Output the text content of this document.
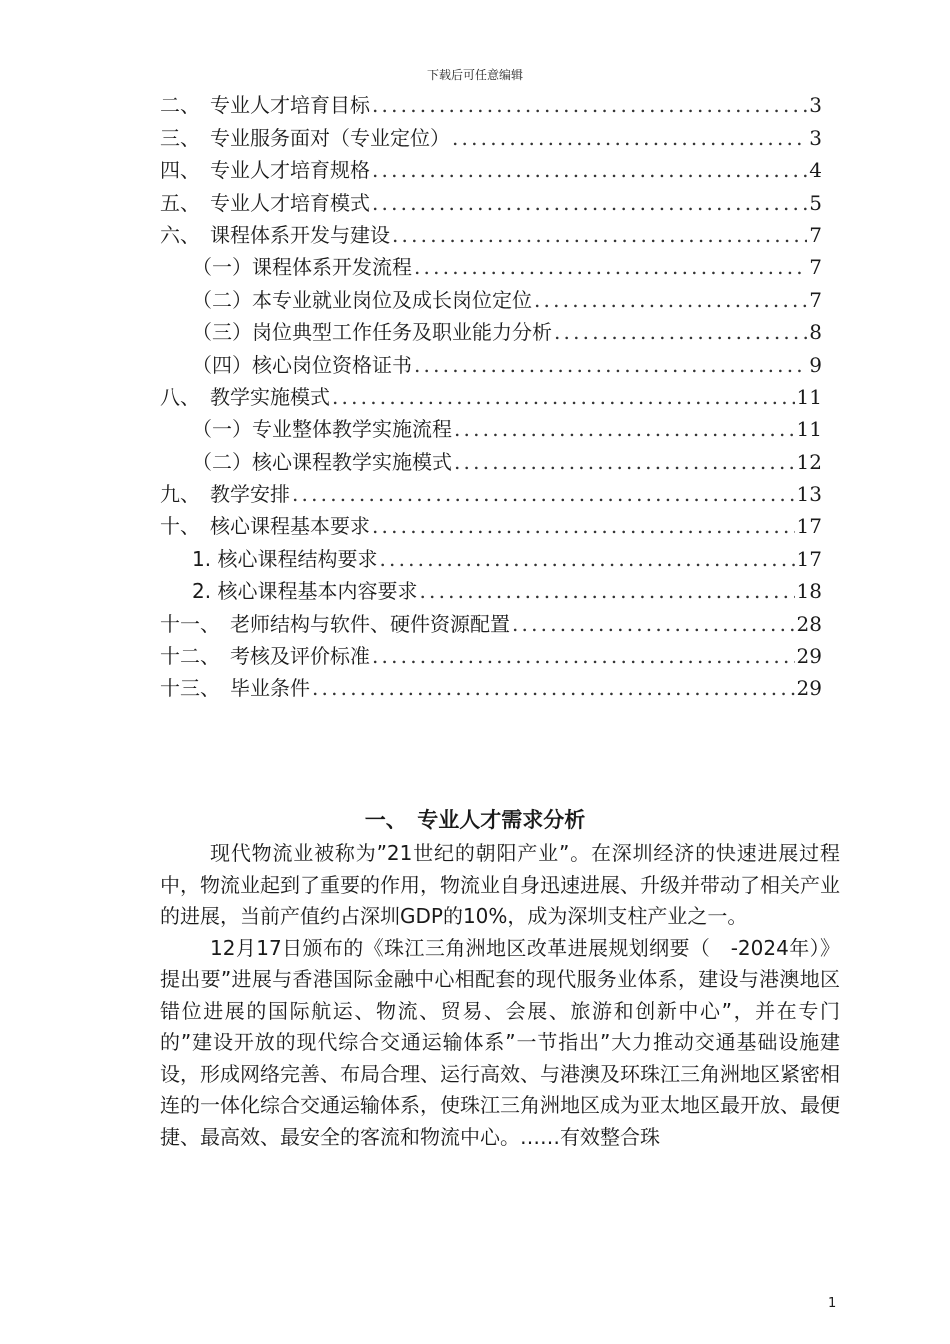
下载后可任意编辑
二、　专业人才培育目标 .....	3
三、　专业服务面对（专业定位） .....	3
四、　专业人才培育规格 .....	4
五、　专业人才培育模式 .....	5
六、　课程体系开发与建设 .....	7
（一）课程体系开发流程 .....	7
（二）本专业就业岗位及成长岗位定位 .....	7
（三）岗位典型工作任务及职业能力分析 .....	8
（四）核心岗位资格证书 .....	9
八、　教学实施模式 .....	11
（一）专业整体教学实施流程 .....	11
（二）核心课程教学实施模式 .....	12
九、　教学安排 .....	13
十、　核心课程基本要求 .....	17
1. 核心课程结构要求 .....	17
2. 核心课程基本内容要求 .....	18
十一、　老师结构与软件、硬件资源配置 .....	28
十二、　考核及评价标准 .....	29
十三、　毕业条件 .....	29
一、　专业人才需求分析

现代物流业被称为”21世纪的朝阳产业”。在深圳经济的快速进展过程中，物流业起到了重要的作用，物流业自身迅速进展、升级并带动了相关产业的进展，当前产值约占深圳GDP的10%，成为深圳支柱产业之一。

12月17日颁布的《珠江三角洲地区改革进展规划纲要（　-2024年）》提出要”进展与香港国际金融中心相配套的现代服务业体系，建设与港澳地区错位进展的国际航运、物流、贸易、会展、旅游和创新中心”，并在专门的”建设开放的现代综合交通运输体系”一节指出”大力推动交通基础设施建设，形成网络完善、布局合理、运行高效、与港澳及环珠江三角洲地区紧密相连的一体化综合交通运输体系，使珠江三角洲地区成为亚太地区最开放、最便捷、最高效、最安全的客流和物流中心。……有效整合珠

1
